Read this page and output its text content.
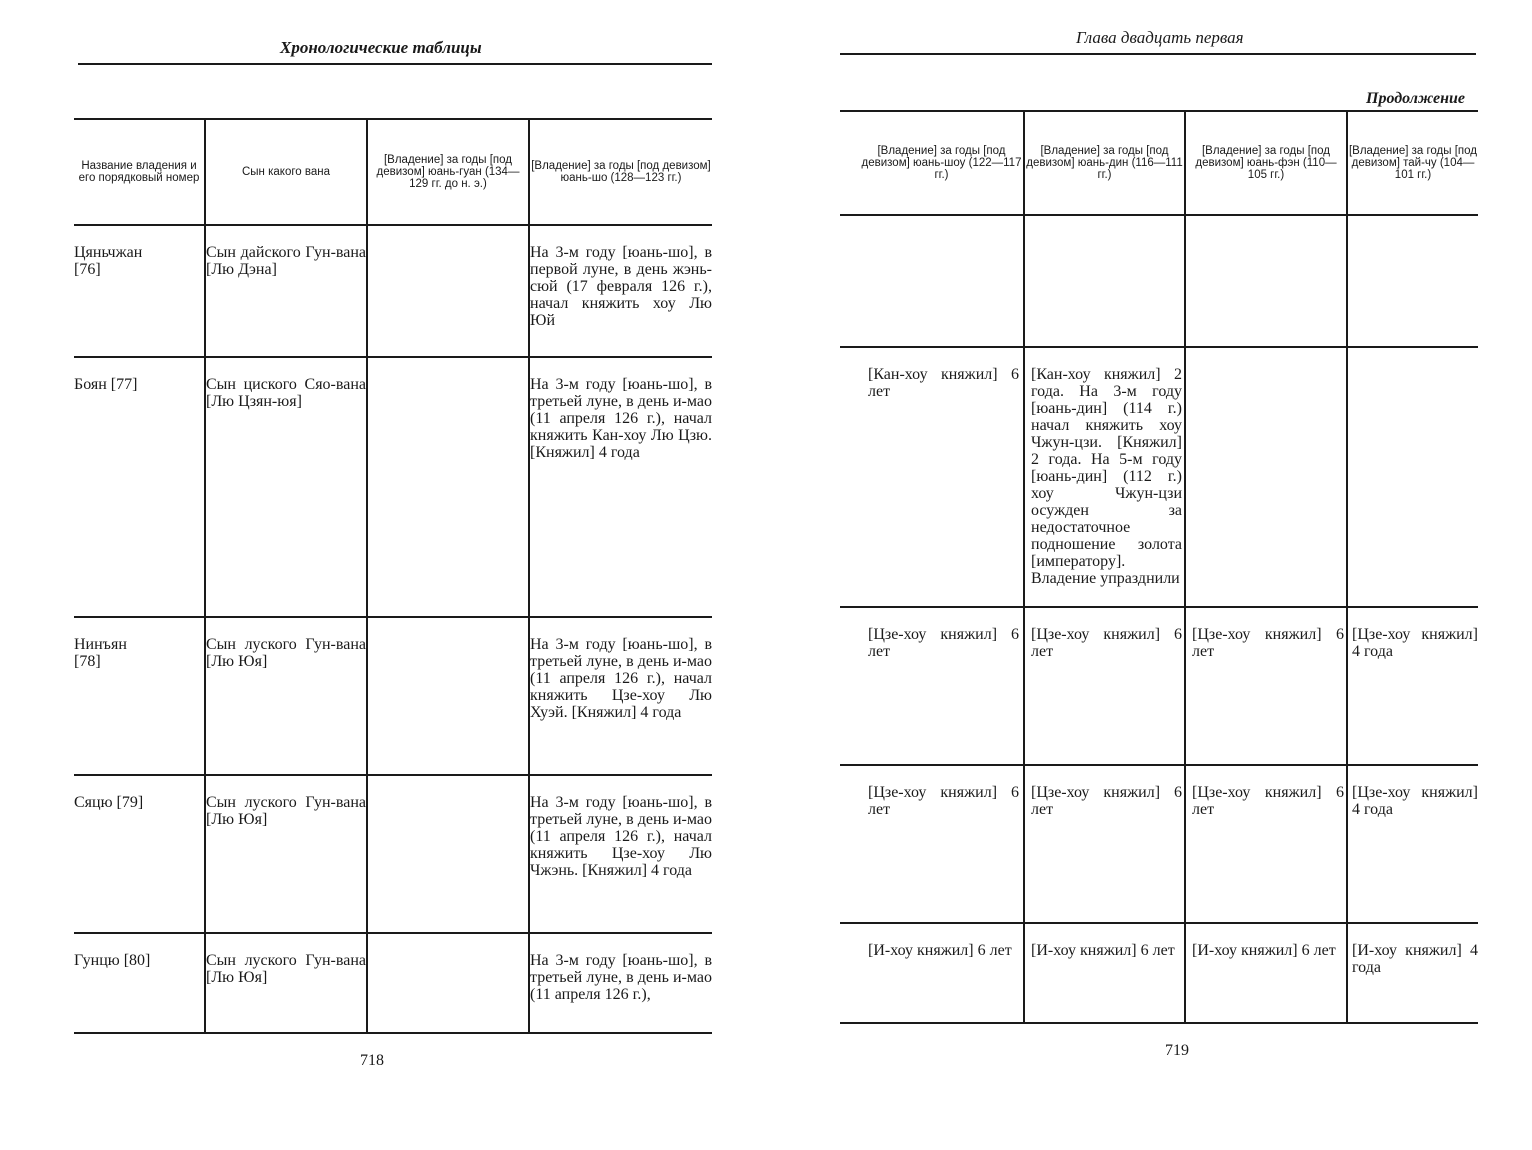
Хронологические таблицы
Название владения и его порядковый номер	Сын какого вана	[Владение] за годы [под девизом] юань-гуан (134—129 гг. до н. э.)	[Владение] за годы [под девизом] юань-шо (128—123 гг.)

Цяньчжан [76]	Сын дайского Гун-вана [Лю Дэна]		На 3-м году [юань-шо], в первой луне, в день жэнь-сюй (17 февраля 126 г.), начал княжить хоу Лю Юй

Боян [77]	Сын циского Сяо-вана [Лю Цзян-юя]		На 3-м году [юань-шо], в третьей луне, в день и-мао (11 апреля 126 г.), начал княжить Кан-хоу Лю Цзю. [Княжил] 4 года

Нинъян [78]	Сын луского Гун-вана [Лю Юя]		На 3-м году [юань-шо], в третьей луне, в день и-мао (11 апреля 126 г.), начал княжить Цзе-хоу Лю Хуэй. [Княжил] 4 года

Сяцю [79]	Сын луского Гун-вана [Лю Юя]		На 3-м году [юань-шо], в третьей луне, в день и-мао (11 апреля 126 г.), начал княжить Цзе-хоу Лю Чжэнь. [Княжил] 4 года

Гунцю [80]	Сын луского Гун-вана [Лю Юя]		На 3-м году [юань-шо], в третьей луне, в день и-мао (11 апреля 126 г.),
718
Глава двадцать первая
Продолжение
[Владение] за годы [под девизом] юань-шоу (122—117 гг.)	[Владение] за годы [под девизом] юань-дин (116—111 гг.)	[Владение] за годы [под девизом] юань-фэн (110—105 гг.)	[Владение] за годы [под девизом] тай-чу (104—101 гг.)

[Кан-хоу княжил] 6 лет	[Кан-хоу княжил] 2 года. На 3-м году [юань-дин] (114 г.) начал княжить хоу Чжун-цзи. [Княжил] 2 года. На 5-м году [юань-дин] (112 г.) хоу Чжун-цзи осужден за недостаточное подношение золота [императору]. Владение упразднили		

[Цзе-хоу княжил] 6 лет	[Цзе-хоу княжил] 6 лет	[Цзе-хоу княжил] 6 лет	[Цзе-хоу княжил] 4 года

[Цзе-хоу княжил] 6 лет	[Цзе-хоу княжил] 6 лет	[Цзе-хоу княжил] 6 лет	[Цзе-хоу княжил] 4 года

[И-хоу княжил] 6 лет	[И-хоу княжил] 6 лет	[И-хоу княжил] 6 лет	[И-хоу княжил] 4 года
719
